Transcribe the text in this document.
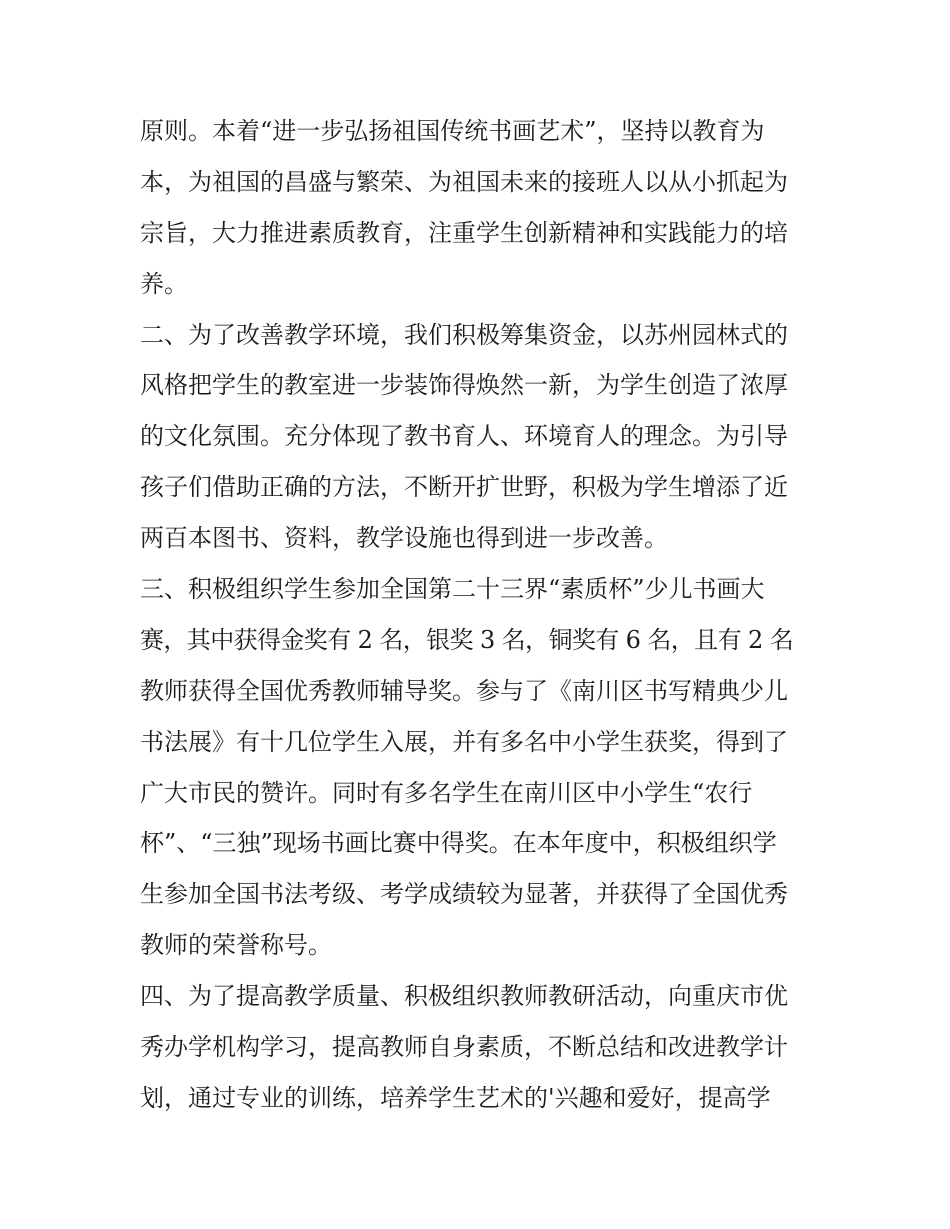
原则。本着“进一步弘扬祖国传统书画艺术”，坚持以教育为
本，为祖国的昌盛与繁荣、为祖国未来的接班人以从小抓起为
宗旨，大力推进素质教育，注重学生创新精神和实践能力的培
养。
二、为了改善教学环境，我们积极筹集资金，以苏州园林式的
风格把学生的教室进一步装饰得焕然一新，为学生创造了浓厚
的文化氛围。充分体现了教书育人、环境育人的理念。为引导
孩子们借助正确的方法，不断开扩世野，积极为学生增添了近
两百本图书、资料，教学设施也得到进一步改善。
三、积极组织学生参加全国第二十三界“素质杯”少儿书画大
赛，其中获得金奖有 2 名，银奖 3 名，铜奖有 6 名，且有 2 名
教师获得全国优秀教师辅导奖。参与了《南川区书写精典少儿
书法展》有十几位学生入展，并有多名中小学生获奖，得到了
广大市民的赞许。同时有多名学生在南川区中小学生“农行
杯”、“三独”现场书画比赛中得奖。在本年度中，积极组织学
生参加全国书法考级、考学成绩较为显著，并获得了全国优秀
教师的荣誉称号。
四、为了提高教学质量、积极组织教师教研活动，向重庆市优
秀办学机构学习，提高教师自身素质，不断总结和改进教学计
划，通过专业的训练，培养学生艺术的'兴趣和爱好，提高学
